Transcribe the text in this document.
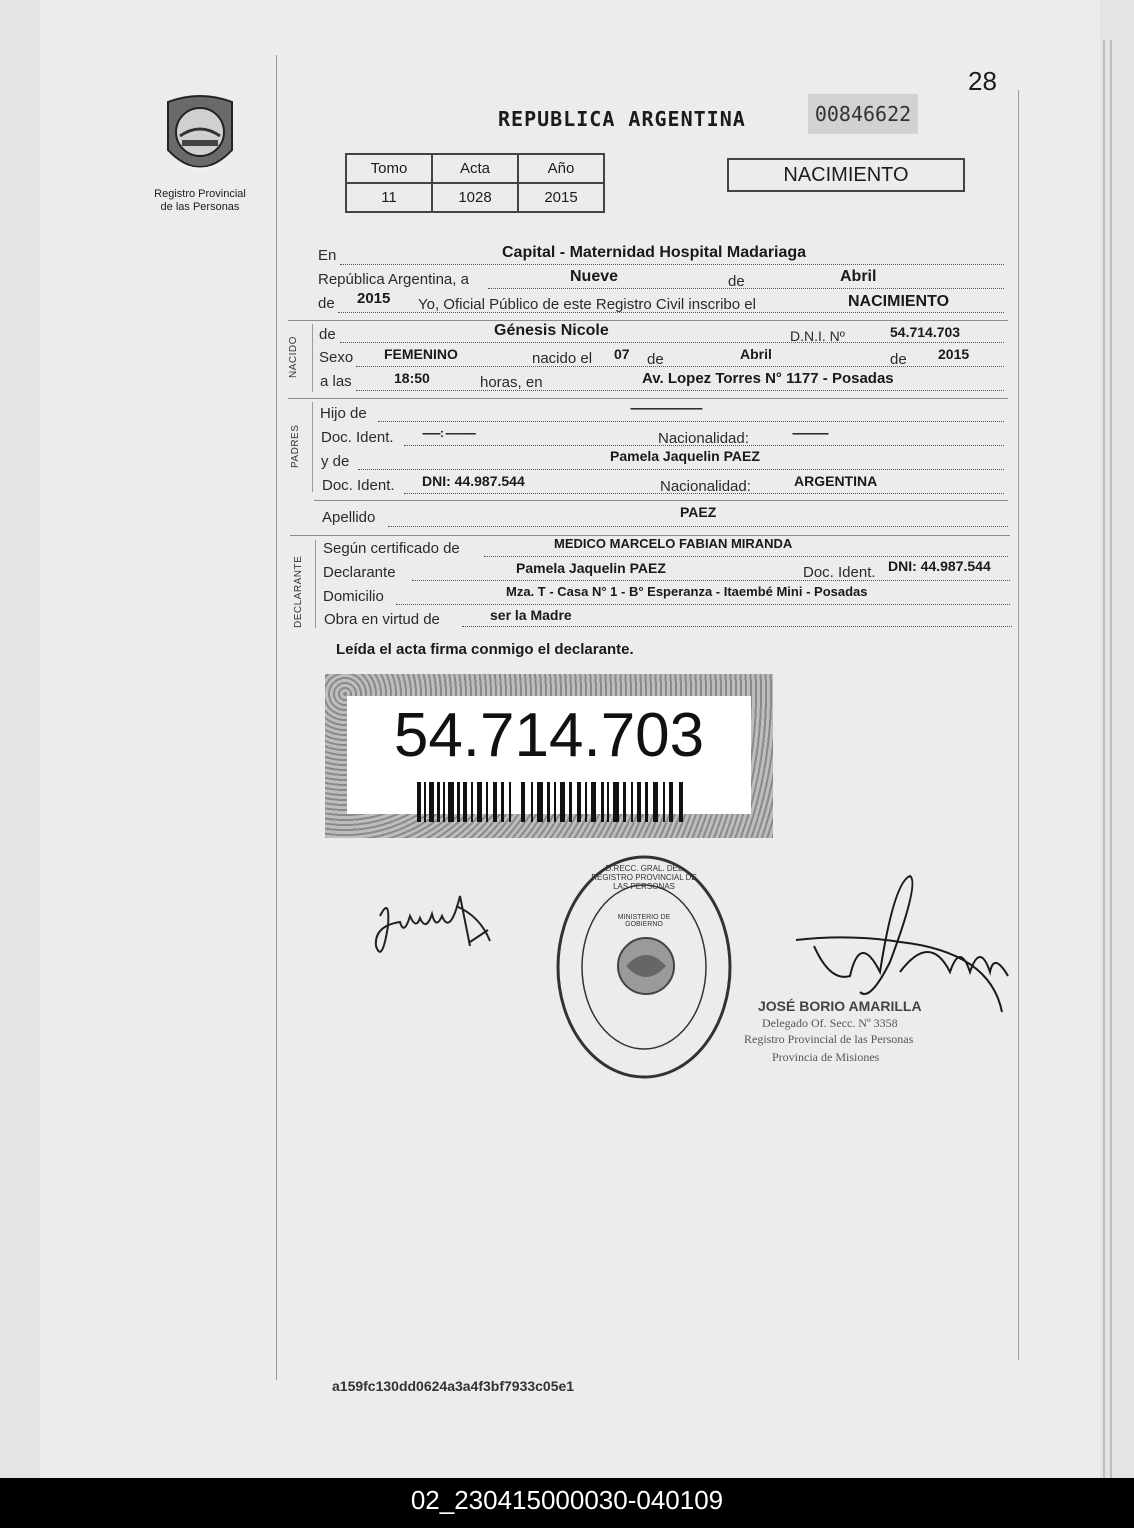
Registro Provincial
de las Personas
28
REPUBLICA ARGENTINA	00846622
Tomo	Acta	Año
11	1028	2015
NACIMIENTO
En	Capital - Maternidad Hospital Madariaga
República Argentina, a	Nueve	de	Abril
de 2015 Yo, Oficial Público de este Registro Civil inscribo el	NACIMIENTO
NACIDO
de	Génesis Nicole	D.N.I. Nº	54.714.703
Sexo FEMENINO	nacido el 07 de	Abril	de 2015
a las	18:50	horas, en	Av. Lopez Torres N° 1177 - Posadas
PADRES
Hijo de	------------------------
Doc. Ident. ------: ----------	Nacionalidad:	------------
y de	Pamela Jaquelin PAEZ
Doc. Ident. DNI: 44.987.544	Nacionalidad:	ARGENTINA
Apellido	PAEZ
DECLARANTE
Según certificado de	MEDICO MARCELO FABIAN MIRANDA
Declarante	Pamela Jaquelin PAEZ	Doc. Ident. DNI: 44.987.544
Domicilio	Mza. T - Casa N° 1 - B° Esperanza - Itaembé Mini - Posadas
Obra en virtud de	ser la Madre
Leída el acta firma conmigo el declarante.
54.714.703
D.RECC. GRAL. DEL REGISTRO PROVINCIAL DE LAS PERSONAS
MINISTERIO DE GOBIERNO
JOSÉ BORIO AMARILLA
Delegado Of. Secc. Nº 3358
Registro Provincial de las Personas
Provincia de Misiones
a159fc130dd0624a3a4f3bf7933c05e1
02_230415000030-040109
